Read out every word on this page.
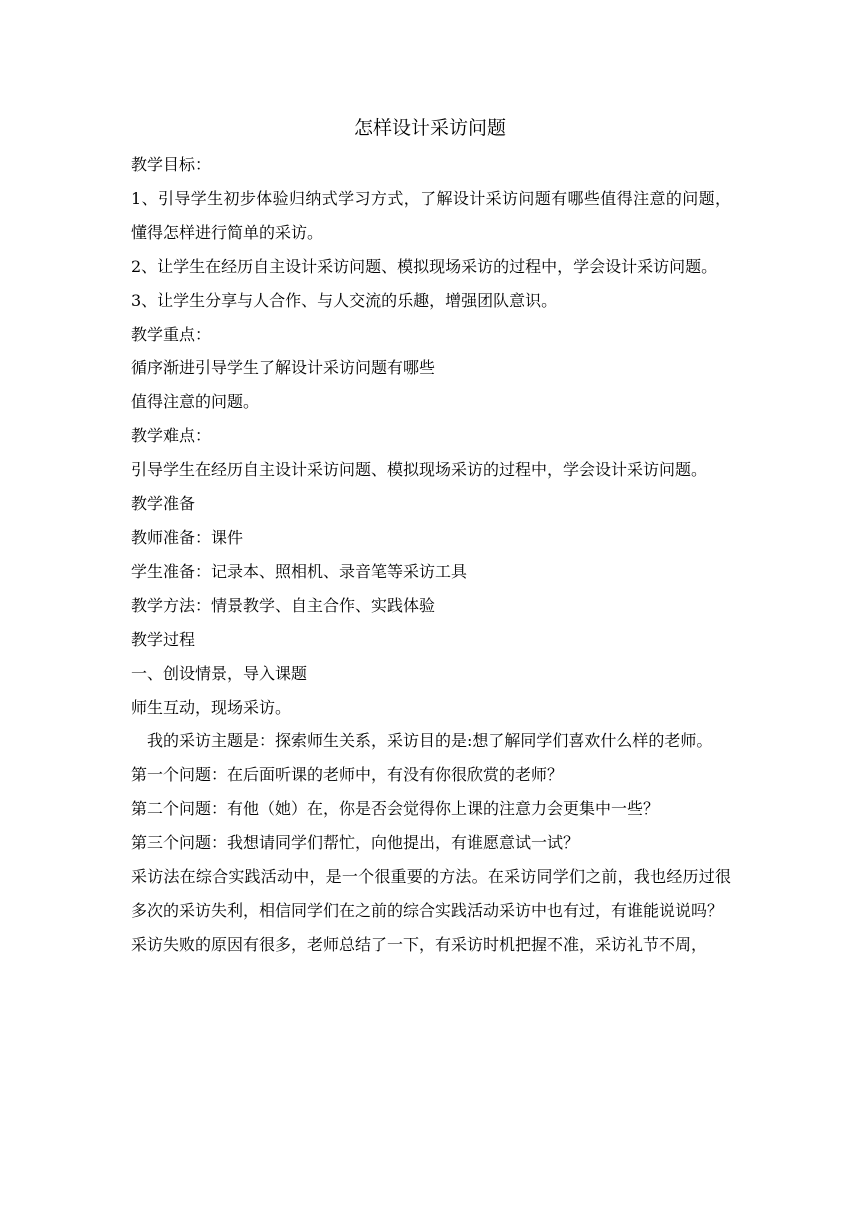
怎样设计采访问题

教学目标：

1、引导学生初步体验归纳式学习方式，了解设计采访问题有哪些值得注意的问题，懂得怎样进行简单的采访。

2、让学生在经历自主设计采访问题、模拟现场采访的过程中，学会设计采访问题。

3、让学生分享与人合作、与人交流的乐趣，增强团队意识。

教学重点：

循序渐进引导学生了解设计采访问题有哪些

值得注意的问题。

教学难点：

引导学生在经历自主设计采访问题、模拟现场采访的过程中，学会设计采访问题。

教学准备

教师准备：课件

学生准备：记录本、照相机、录音笔等采访工具

教学方法：情景教学、自主合作、实践体验

教学过程

一、创设情景，导入课题

师生互动，现场采访。

我的采访主题是：探索师生关系，采访目的是:想了解同学们喜欢什么样的老师。

第一个问题：在后面听课的老师中，有没有你很欣赏的老师？

第二个问题：有他（她）在，你是否会觉得你上课的注意力会更集中一些？

第三个问题：我想请同学们帮忙，向他提出，有谁愿意试一试？

采访法在综合实践活动中，是一个很重要的方法。在采访同学们之前，我也经历过很多次的采访失利，相信同学们在之前的综合实践活动采访中也有过，有谁能说说吗？

采访失败的原因有很多，老师总结了一下，有采访时机把握不准，采访礼节不周，
